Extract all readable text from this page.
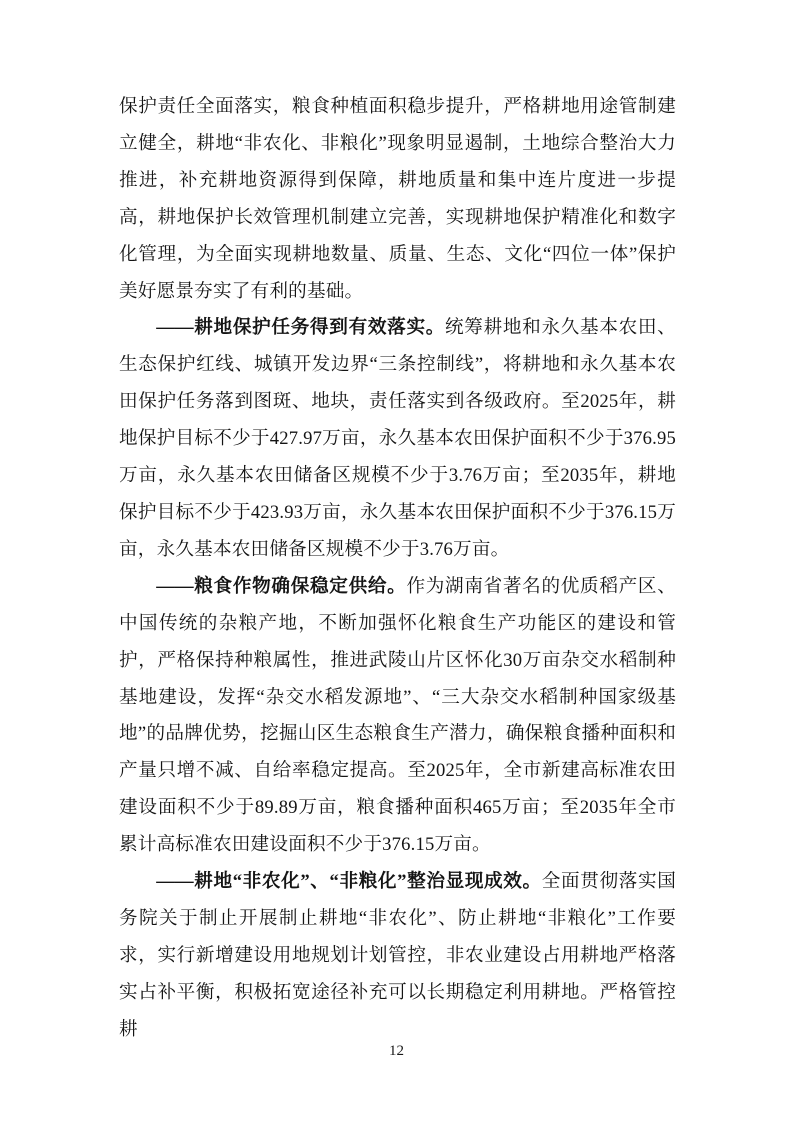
保护责任全面落实，粮食种植面积稳步提升，严格耕地用途管制建立健全，耕地“非农化、非粮化”现象明显遏制，土地综合整治大力推进，补充耕地资源得到保障，耕地质量和集中连片度进一步提高，耕地保护长效管理机制建立完善，实现耕地保护精准化和数字化管理，为全面实现耕地数量、质量、生态、文化“四位一体”保护美好愿景夯实了有利的基础。

——耕地保护任务得到有效落实。统筹耕地和永久基本农田、生态保护红线、城镇开发边界“三条控制线”，将耕地和永久基本农田保护任务落到图斑、地块，责任落实到各级政府。至2025年，耕地保护目标不少于427.97万亩，永久基本农田保护面积不少于376.95万亩，永久基本农田储备区规模不少于3.76万亩；至2035年，耕地保护目标不少于423.93万亩，永久基本农田保护面积不少于376.15万亩，永久基本农田储备区规模不少于3.76万亩。

——粮食作物确保稳定供给。作为湖南省著名的优质稻产区、中国传统的杂粮产地，不断加强怀化粮食生产功能区的建设和管护，严格保持种粮属性，推进武陵山片区怀化30万亩杂交水稻制种基地建设，发挥“杂交水稻发源地”、“三大杂交水稻制种国家级基地”的品牌优势，挖掘山区生态粮食生产潜力，确保粮食播种面积和产量只增不减、自给率稳定提高。至2025年，全市新建高标准农田建设面积不少于89.89万亩，粮食播种面积465万亩；至2035年全市累计高标准农田建设面积不少于376.15万亩。

——耕地“非农化”、“非粮化”整治显现成效。全面贯彻落实国务院关于制止开展制止耕地“非农化”、防止耕地“非粮化”工作要求，实行新增建设用地规划计划管控，非农业建设占用耕地严格落实占补平衡，积极拓宽途径补充可以长期稳定利用耕地。严格管控耕

12
